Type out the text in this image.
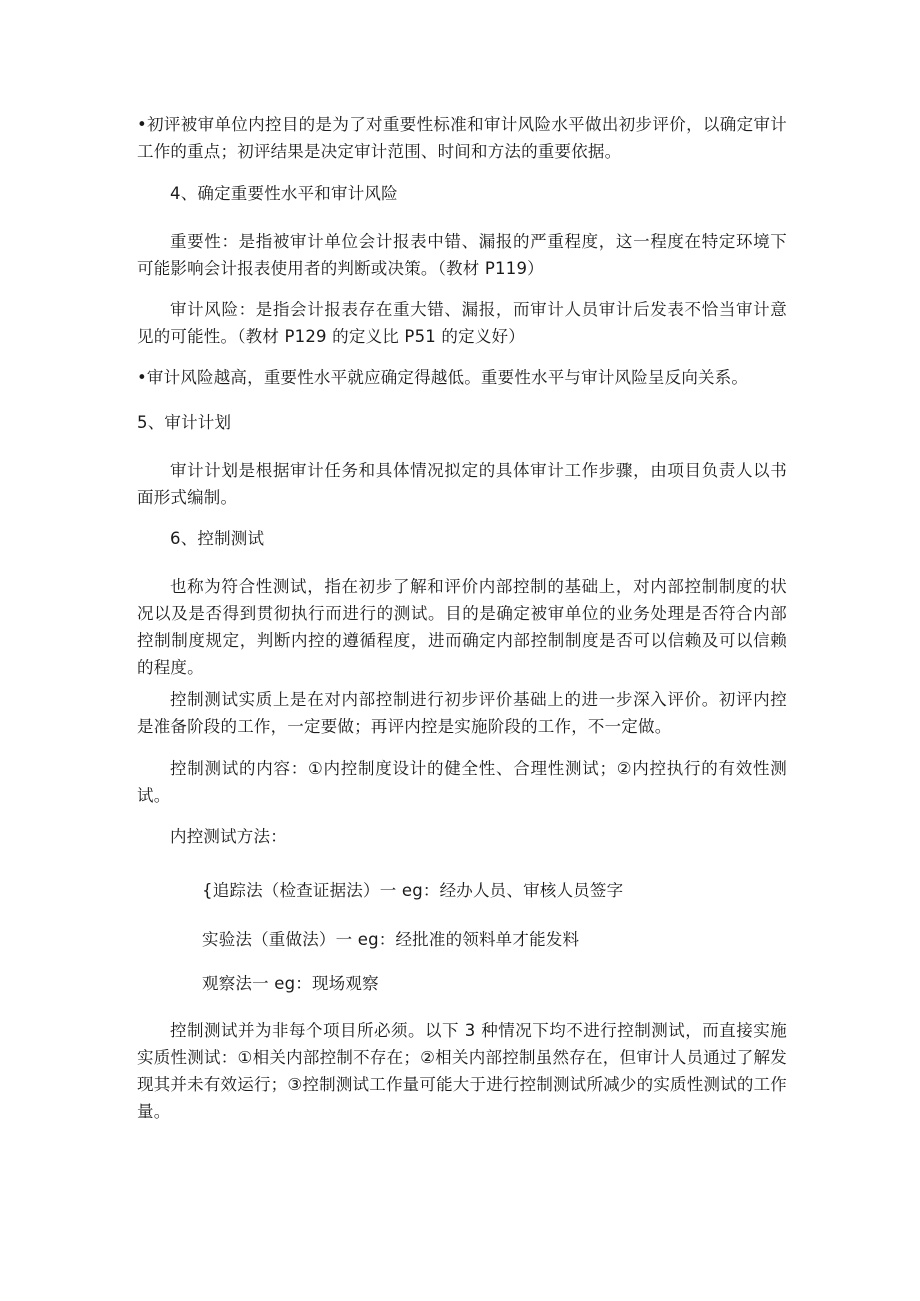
•初评被审单位内控目的是为了对重要性标准和审计风险水平做出初步评价，以确定审计工作的重点；初评结果是决定审计范围、时间和方法的重要依据。

4、确定重要性水平和审计风险

重要性：是指被审计单位会计报表中错、漏报的严重程度，这一程度在特定环境下可能影响会计报表使用者的判断或决策。（教材 P119）

审计风险：是指会计报表存在重大错、漏报，而审计人员审计后发表不恰当审计意见的可能性。（教材 P129 的定义比 P51 的定义好）

•审计风险越高，重要性水平就应确定得越低。重要性水平与审计风险呈反向关系。

5、审计计划

审计计划是根据审计任务和具体情况拟定的具体审计工作步骤，由项目负责人以书面形式编制。

6、控制测试

也称为符合性测试，指在初步了解和评价内部控制的基础上，对内部控制制度的状况以及是否得到贯彻执行而进行的测试。目的是确定被审单位的业务处理是否符合内部控制制度规定，判断内控的遵循程度，进而确定内部控制制度是否可以信赖及可以信赖的程度。

控制测试实质上是在对内部控制进行初步评价基础上的进一步深入评价。初评内控是准备阶段的工作，一定要做；再评内控是实施阶段的工作，不一定做。

控制测试的内容：①内控制度设计的健全性、合理性测试；②内控执行的有效性测试。

内控测试方法：

{追踪法（检查证据法）一 eg：经办人员、审核人员签字

实验法（重做法）一 eg：经批准的领料单才能发料

观察法一 eg：现场观察

控制测试并为非每个项目所必须。以下 3 种情况下均不进行控制测试，而直接实施实质性测试：①相关内部控制不存在；②相关内部控制虽然存在，但审计人员通过了解发现其并未有效运行；③控制测试工作量可能大于进行控制测试所减少的实质性测试的工作量。
